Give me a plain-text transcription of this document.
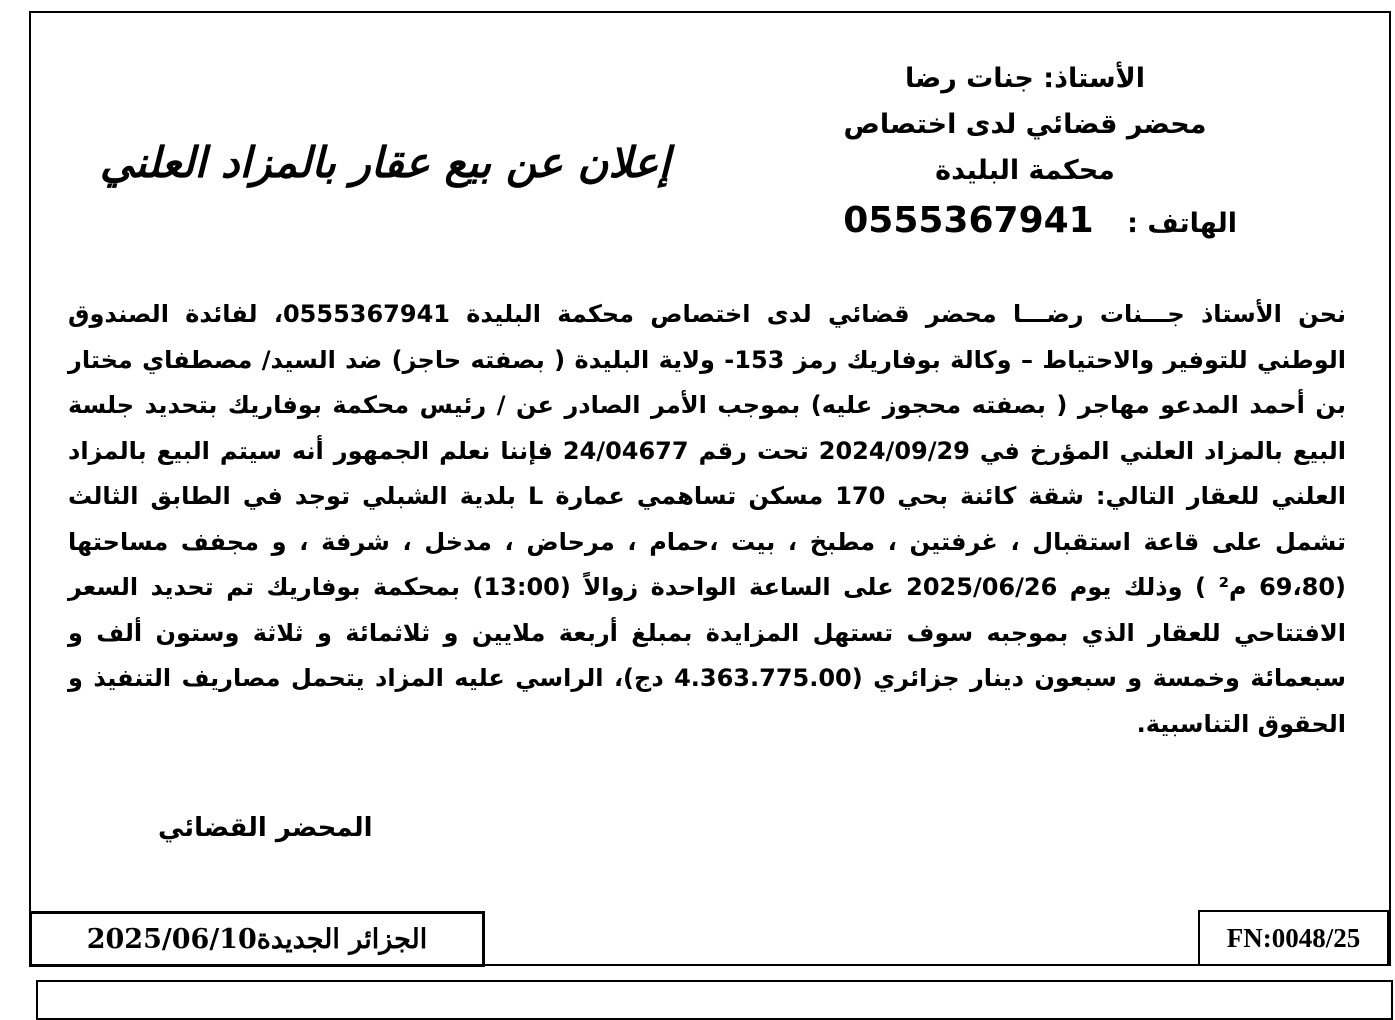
الأستاذ: جنات رضا
محضر قضائي لدى اختصاص
محكمة البليدة
الهاتف : 0555367941
إعلان عن بيع عقار بالمزاد العلني
نحن الأستاذ جـــنات رضـــا محضر قضائي لدى اختصاص محكمة البليدة 0555367941، لفائدة الصندوق الوطني للتوفير والاحتياط – وكالة بوفاريك رمز 153- ولاية البليدة ( بصفته حاجز) ضد السيد/ مصطفاي مختار بن أحمد المدعو مهاجر ( بصفته محجوز عليه) بموجب الأمر الصادر عن / رئيس محكمة بوفاريك بتحديد جلسة البيع بالمزاد العلني المؤرخ في 2024/09/29 تحت رقم 24/04677 فإننا نعلم الجمهور أنه سيتم البيع بالمزاد العلني للعقار التالي: شقة كائنة بحي 170 مسكن تساهمي عمارة L بلدية الشبلي توجد في الطابق الثالث تشمل على قاعة استقبال ، غرفتين ، مطبخ ، بيت ،حمام ، مرحاض ، مدخل ، شرفة ، و مجفف مساحتها (69،80 م² ) وذلك يوم 2025/06/26 على الساعة الواحدة زوالاً (13:00) بمحكمة بوفاريك تم تحديد السعر الافتتاحي للعقار الذي بموجبه سوف تستهل المزايدة بمبلغ أربعة ملايين و ثلاثمائة و ثلاثة وستون ألف و سبعمائة وخمسة و سبعون دينار جزائري (4.363.775.00 دج)، الراسي عليه المزاد يتحمل مصاريف التنفيذ و الحقوق التناسبية.
المحضر القضائي
الجزائر الجديدة2025/06/10	FN:0048/25
